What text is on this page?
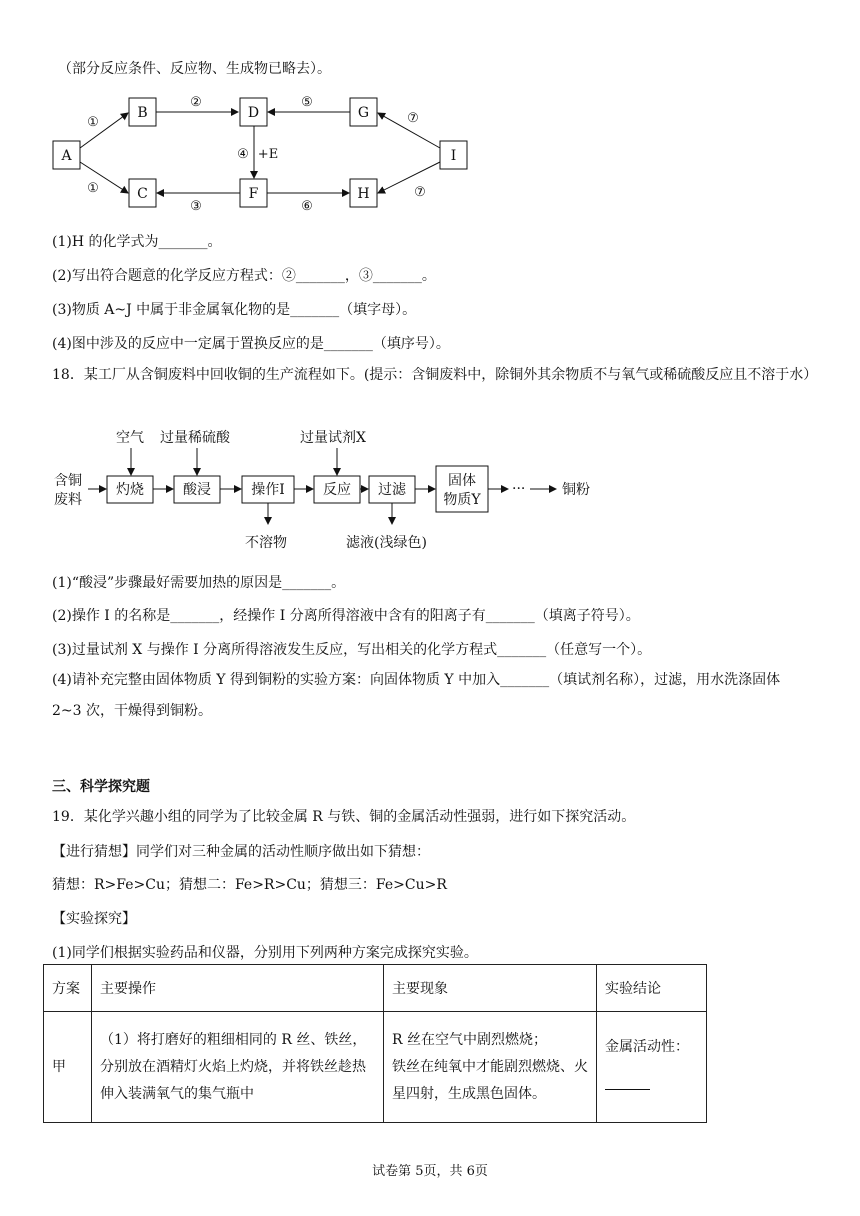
（部分反应条件、反应物、生成物已略去）。
A
B
C
D
F
G
H
I
①
①
②
③
④ +E
⑤
⑥
⑦
⑦
(1)H 的化学式为_______。
(2)写出符合题意的化学反应方程式：②_______，③_______。
(3)物质 A~J 中属于非金属氧化物的是_______（填字母）。
(4)图中涉及的反应中一定属于置换反应的是_______（填序号）。
18．某工厂从含铜废料中回收铜的生产流程如下。(提示：含铜废料中，除铜外其余物质不与氧气或稀硫酸反应且不溶于水）
含铜
废料
空气 过量稀硫酸	过量试剂X
不溶物	滤液(浅绿色)
···	铜粉
灼烧	酸浸	操作I	反应 过滤
固体
物质Y
(1)“酸浸”步骤最好需要加热的原因是_______。
(2)操作 I 的名称是_______，经操作 I 分离所得溶液中含有的阳离子有_______（填离子符号）。
(3)过量试剂 X 与操作 I 分离所得溶液发生反应，写出相关的化学方程式_______（任意写一个）。
(4)请补充完整由固体物质 Y 得到铜粉的实验方案：向固体物质 Y 中加入_______（填试剂名称），过滤，用水洗涤固体 2~3 次，干燥得到铜粉。
三、科学探究题
19．某化学兴趣小组的同学为了比较金属 R 与铁、铜的金属活动性强弱，进行如下探究活动。
【进行猜想】同学们对三种金属的活动性顺序做出如下猜想：
猜想：R>Fe>Cu；猜想二：Fe>R>Cu；猜想三：Fe>Cu>R
【实验探究】
(1)同学们根据实验药品和仪器，分别用下列两种方案完成探究实验。
方案	主要操作	主要现象	实验结论
甲	（1）将打磨好的粗细相同的 R 丝、铁丝，分别放在酒精灯火焰上灼烧，并将铁丝趁热伸入装满氧气的集气瓶中	R 丝在空气中剧烈燃烧；
铁丝在纯氧中才能剧烈燃烧、火星四射，生成黑色固体。	金属活动性：
试卷第 5页，共 6页
